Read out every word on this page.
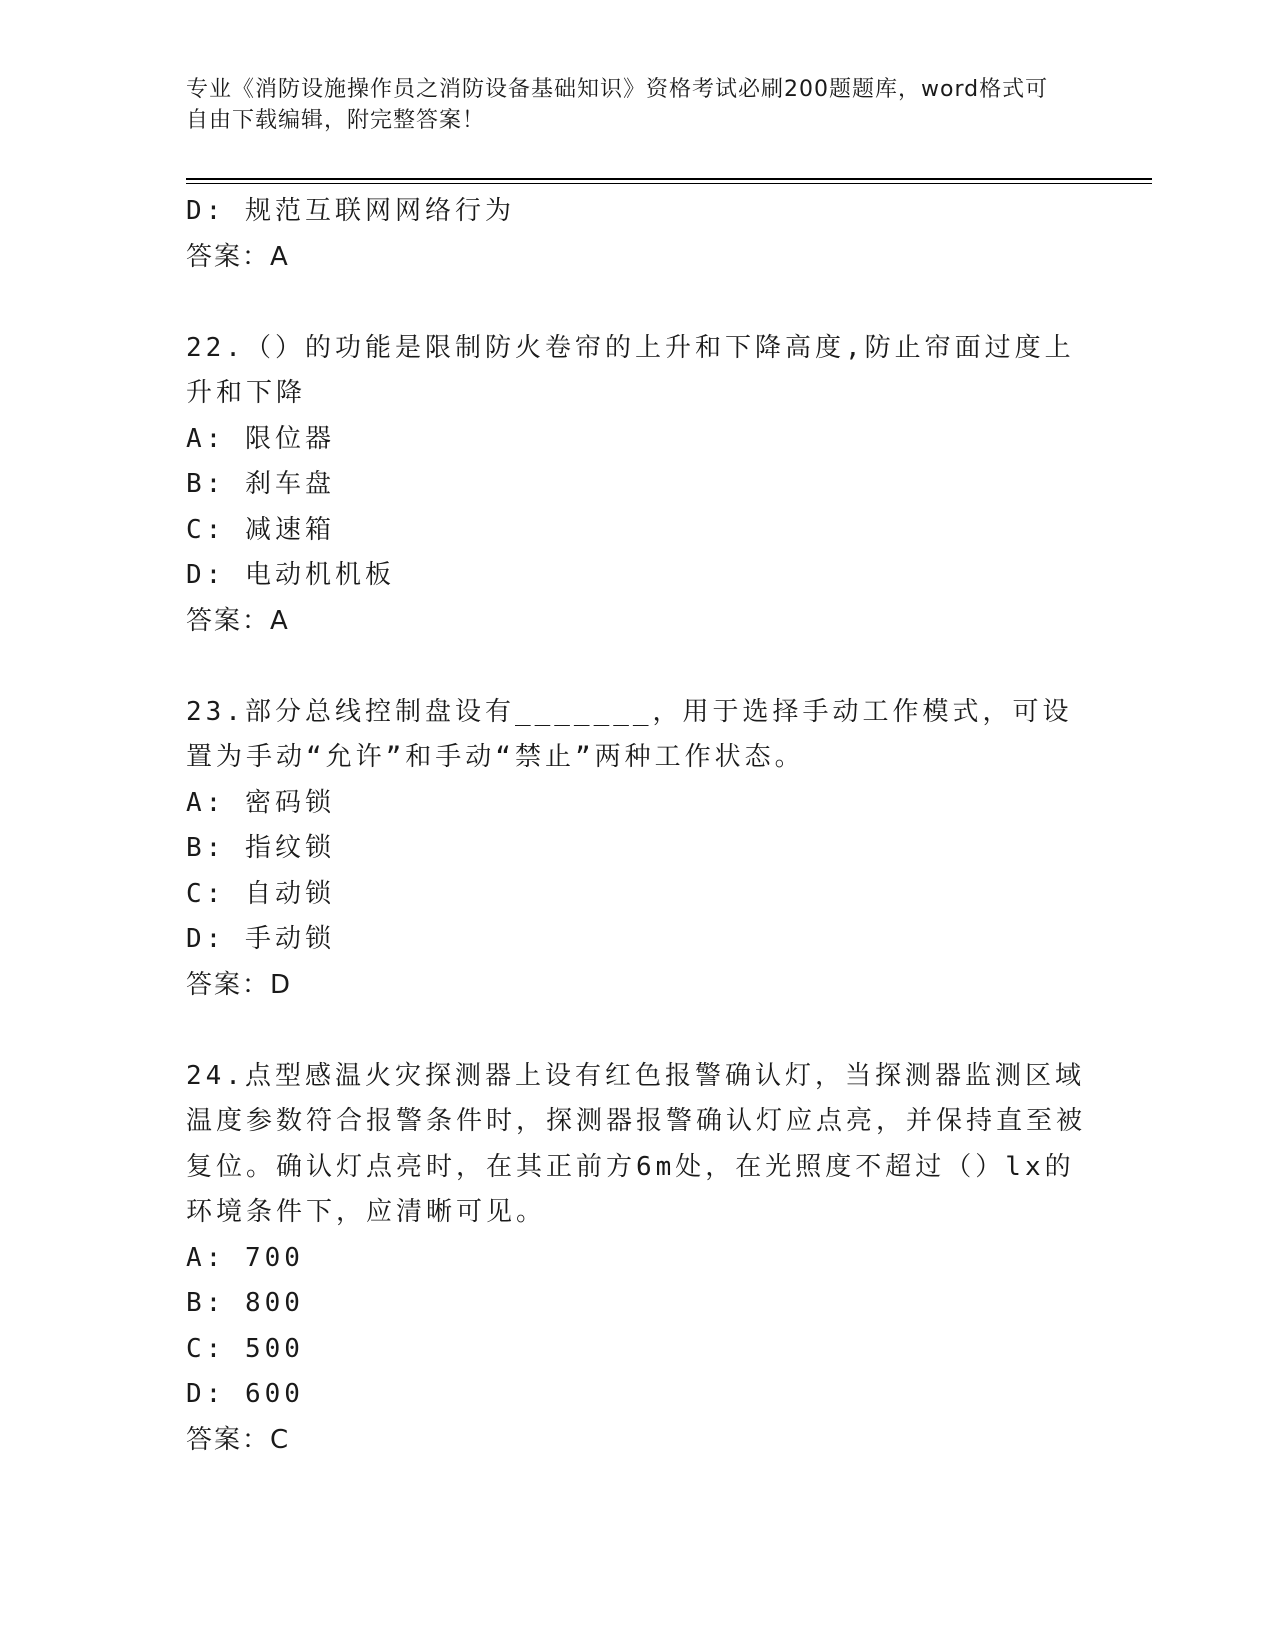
专业《消防设施操作员之消防设备基础知识》资格考试必刷200题题库，word格式可自由下载编辑，附完整答案！
D: 规范互联网网络行为
答案：A
22.（）的功能是限制防火卷帘的上升和下降高度,防止帘面过度上升和下降
A: 限位器
B: 刹车盘
C: 减速箱
D: 电动机机板
答案：A
23.部分总线控制盘设有_______，用于选择手动工作模式，可设置为手动“允许”和手动“禁止”两种工作状态。
A: 密码锁
B: 指纹锁
C: 自动锁
D: 手动锁
答案：D
24.点型感温火灾探测器上设有红色报警确认灯，当探测器监测区域温度参数符合报警条件时，探测器报警确认灯应点亮，并保持直至被复位。确认灯点亮时，在其正前方6m处，在光照度不超过（）lx的环境条件下，应清晰可见。
A: 700
B: 800
C: 500
D: 600
答案：C
